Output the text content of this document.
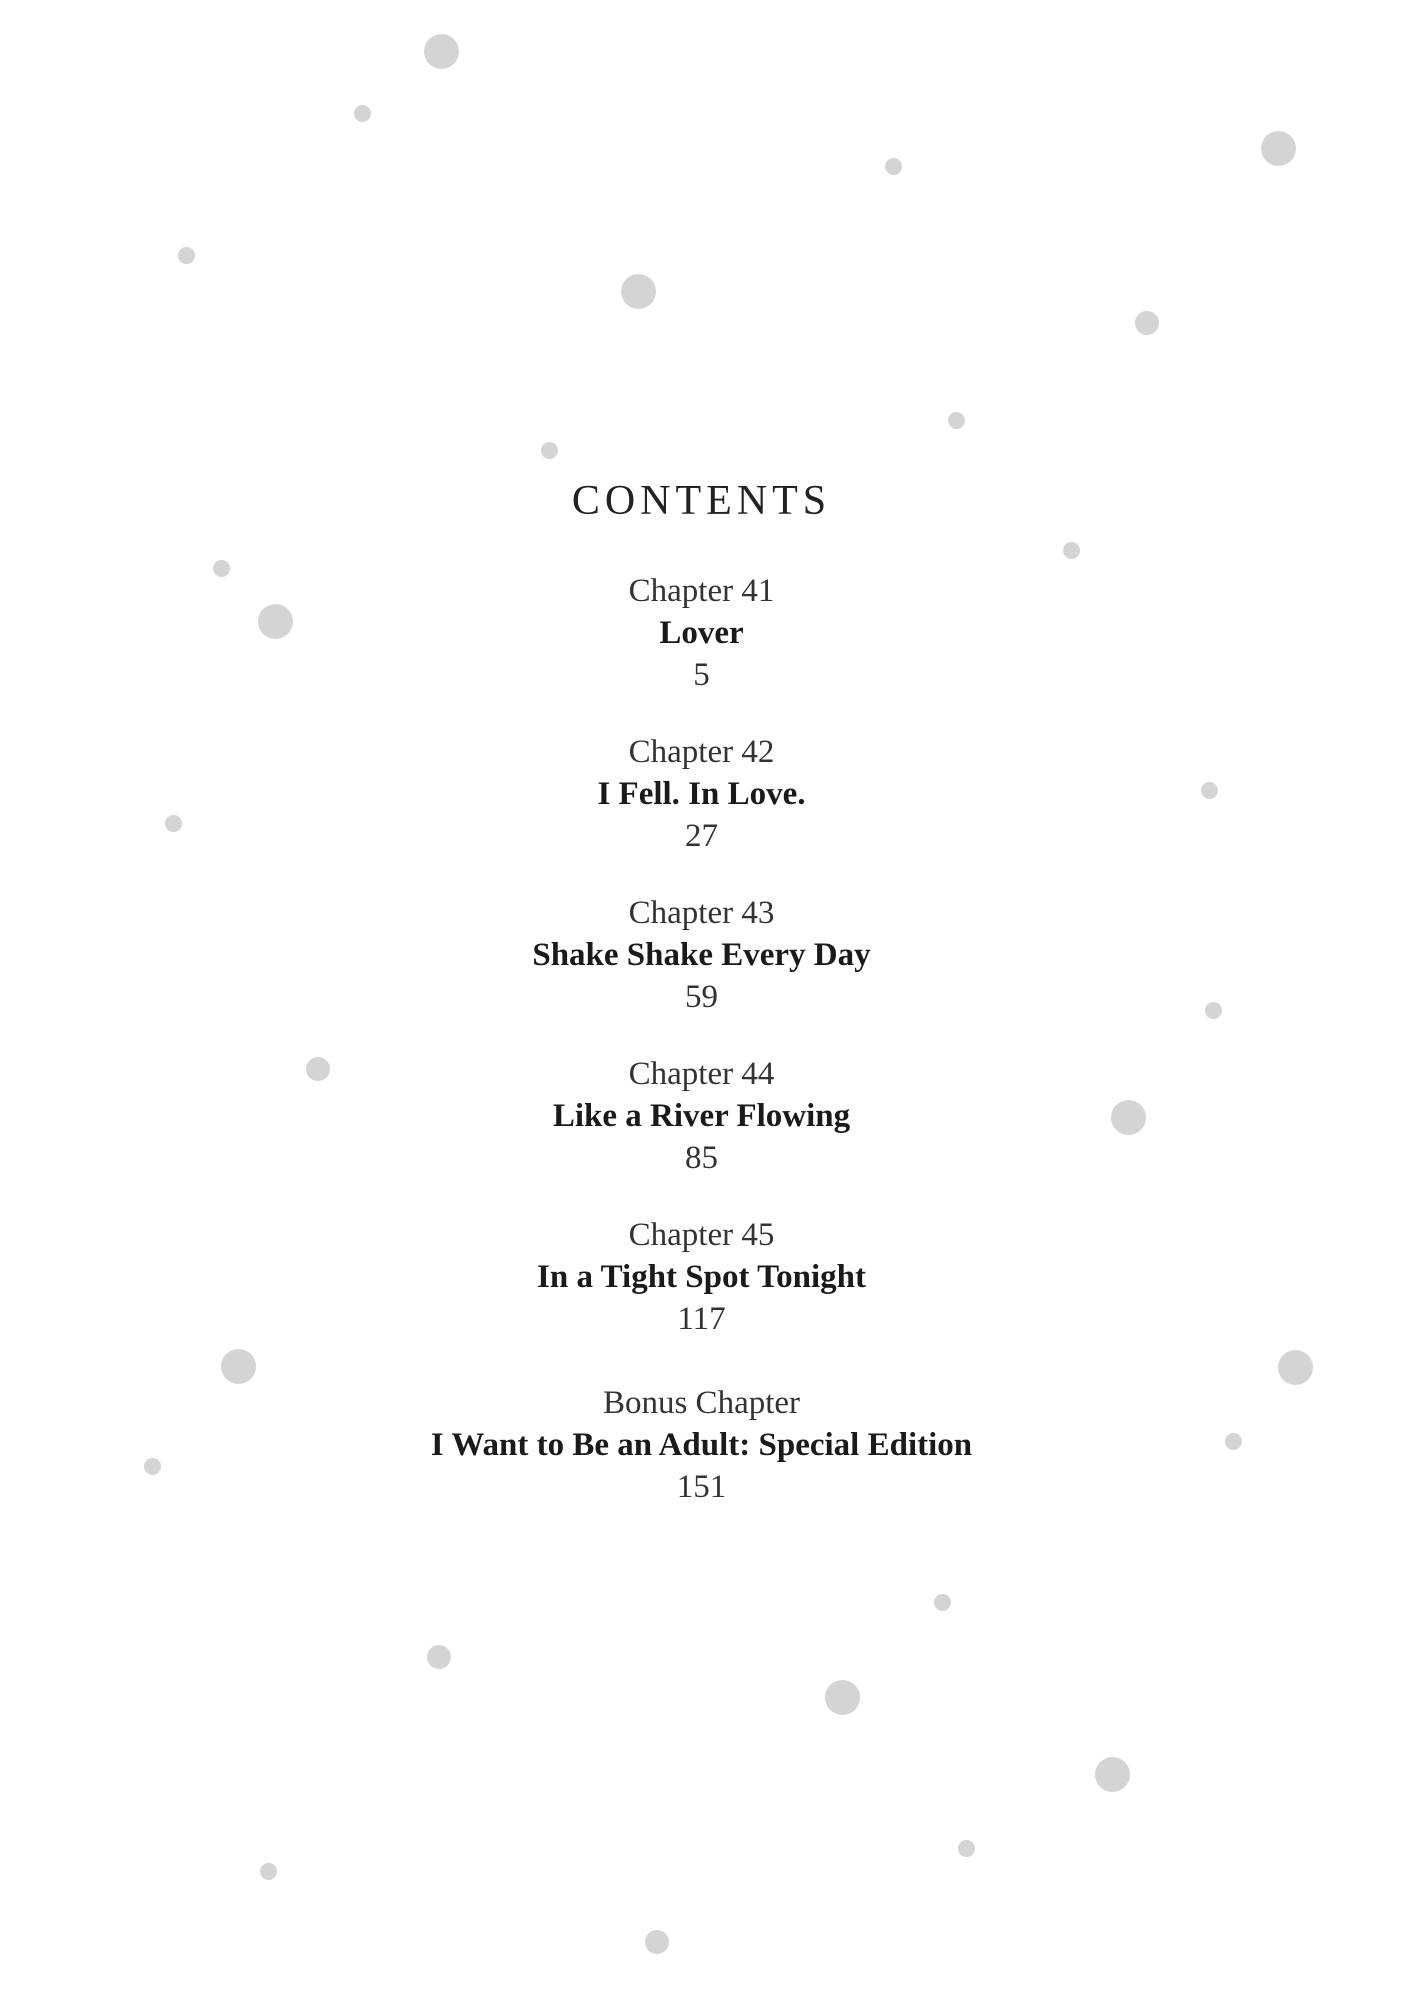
CONTENTS
Chapter 41
Lover
5
Chapter 42
I Fell. In Love.
27
Chapter 43
Shake Shake Every Day
59
Chapter 44
Like a River Flowing
85
Chapter 45
In a Tight Spot Tonight
117
Bonus Chapter
I Want to Be an Adult: Special Edition
151
